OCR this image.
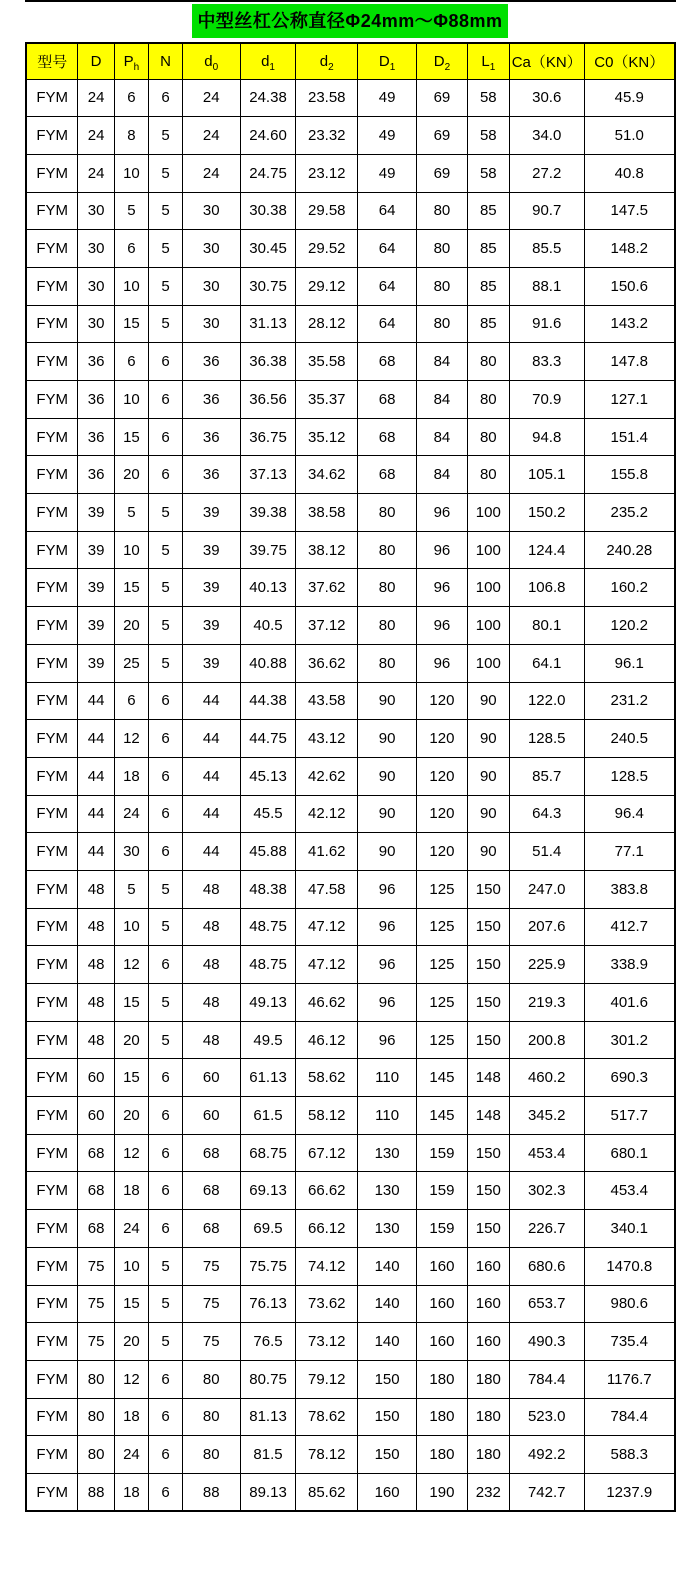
中型丝杠公称直径Φ24mm～Φ88mm
型号	D	$P_h$	N	$d_0$	$d_1$	$d_2$	$D_1$	$D_2$	$L_1$	Ca（KN）	C0（KN）
FYM	24	6	6	24	24.38	23.58	49	69	58	30.6	45.9
FYM	24	8	5	24	24.60	23.32	49	69	58	34.0	51.0
FYM	24	10	5	24	24.75	23.12	49	69	58	27.2	40.8
FYM	30	5	5	30	30.38	29.58	64	80	85	90.7	147.5
FYM	30	6	5	30	30.45	29.52	64	80	85	85.5	148.2
FYM	30	10	5	30	30.75	29.12	64	80	85	88.1	150.6
FYM	30	15	5	30	31.13	28.12	64	80	85	91.6	143.2
FYM	36	6	6	36	36.38	35.58	68	84	80	83.3	147.8
FYM	36	10	6	36	36.56	35.37	68	84	80	70.9	127.1
FYM	36	15	6	36	36.75	35.12	68	84	80	94.8	151.4
FYM	36	20	6	36	37.13	34.62	68	84	80	105.1	155.8
FYM	39	5	5	39	39.38	38.58	80	96	100	150.2	235.2
FYM	39	10	5	39	39.75	38.12	80	96	100	124.4	240.28
FYM	39	15	5	39	40.13	37.62	80	96	100	106.8	160.2
FYM	39	20	5	39	40.5	37.12	80	96	100	80.1	120.2
FYM	39	25	5	39	40.88	36.62	80	96	100	64.1	96.1
FYM	44	6	6	44	44.38	43.58	90	120	90	122.0	231.2
FYM	44	12	6	44	44.75	43.12	90	120	90	128.5	240.5
FYM	44	18	6	44	45.13	42.62	90	120	90	85.7	128.5
FYM	44	24	6	44	45.5	42.12	90	120	90	64.3	96.4
FYM	44	30	6	44	45.88	41.62	90	120	90	51.4	77.1
FYM	48	5	5	48	48.38	47.58	96	125	150	247.0	383.8
FYM	48	10	5	48	48.75	47.12	96	125	150	207.6	412.7
FYM	48	12	6	48	48.75	47.12	96	125	150	225.9	338.9
FYM	48	15	5	48	49.13	46.62	96	125	150	219.3	401.6
FYM	48	20	5	48	49.5	46.12	96	125	150	200.8	301.2
FYM	60	15	6	60	61.13	58.62	110	145	148	460.2	690.3
FYM	60	20	6	60	61.5	58.12	110	145	148	345.2	517.7
FYM	68	12	6	68	68.75	67.12	130	159	150	453.4	680.1
FYM	68	18	6	68	69.13	66.62	130	159	150	302.3	453.4
FYM	68	24	6	68	69.5	66.12	130	159	150	226.7	340.1
FYM	75	10	5	75	75.75	74.12	140	160	160	680.6	1470.8
FYM	75	15	5	75	76.13	73.62	140	160	160	653.7	980.6
FYM	75	20	5	75	76.5	73.12	140	160	160	490.3	735.4
FYM	80	12	6	80	80.75	79.12	150	180	180	784.4	1176.7
FYM	80	18	6	80	81.13	78.62	150	180	180	523.0	784.4
FYM	80	24	6	80	81.5	78.12	150	180	180	492.2	588.3
FYM	88	18	6	88	89.13	85.62	160	190	232	742.7	1237.9
